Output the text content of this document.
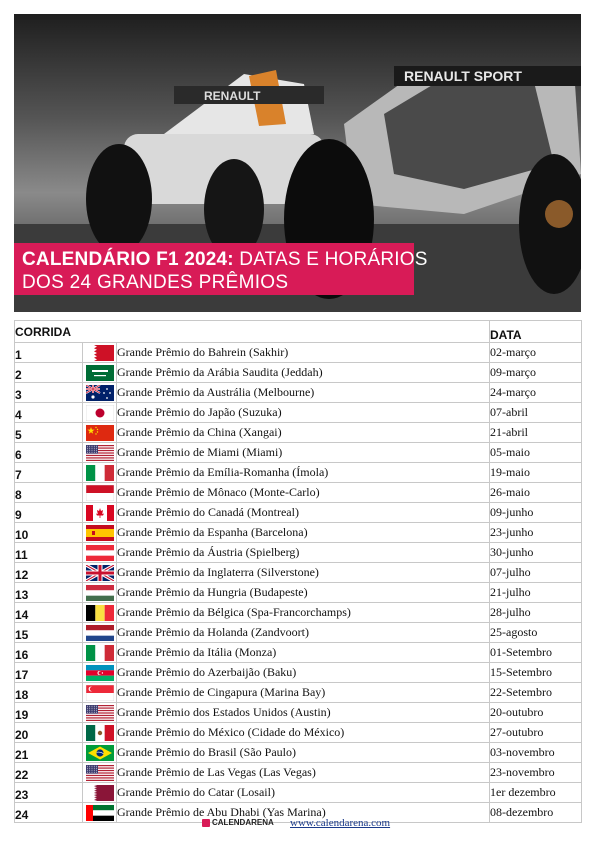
RENAULT
RENAULT SPORT
CALENDÁRIO F1 2024: DATAS E HORÁRIOS
DOS 24 GRANDES PRÊMIOS
CORRIDA			DATA
1		Grande Prêmio do Bahrein (Sakhir)	02-março
2		Grande Prêmio da Arábia Saudita (Jeddah)	09-março
3		Grande Prêmio da Austrália (Melbourne)	24-março
4		Grande Prêmio do Japão (Suzuka)	07-abril
5		Grande Prêmio da China (Xangai)	21-abril
6		Grande Prêmio de Miami (Miami)	05-maio
7		Grande Prêmio da Emília-Romanha (Ímola)	19-maio
8		Grande Prêmio de Mônaco (Monte-Carlo)	26-maio
9		Grande Prêmio do Canadá (Montreal)	09-junho
10		Grande Prêmio da Espanha (Barcelona)	23-junho
11		Grande Prêmio da Áustria (Spielberg)	30-junho
12		Grande Prêmio da Inglaterra (Silverstone)	07-julho
13		Grande Prêmio da Hungria (Budapeste)	21-julho
14		Grande Prêmio da Bélgica (Spa-Francorchamps)	28-julho
15		Grande Prêmio da Holanda (Zandvoort)	25-agosto
16		Grande Prêmio da Itália (Monza)	01-Setembro
17		Grande Prêmio do Azerbaijão (Baku)	15-Setembro
18		Grande Prêmio de Cingapura (Marina Bay)	22-Setembro
19		Grande Prêmio dos Estados Unidos (Austin)	20-outubro
20		Grande Prêmio do México (Cidade do México)	27-outubro
21		Grande Prêmio do Brasil (São Paulo)	03-novembro
22		Grande Prêmio de Las Vegas (Las Vegas)	23-novembro
23		Grande Prêmio do Catar (Losail)	1er dezembro
24		Grande Prêmio de Abu Dhabi (Yas Marina)	08-dezembro
CALENDARENA www.calendarena.com
